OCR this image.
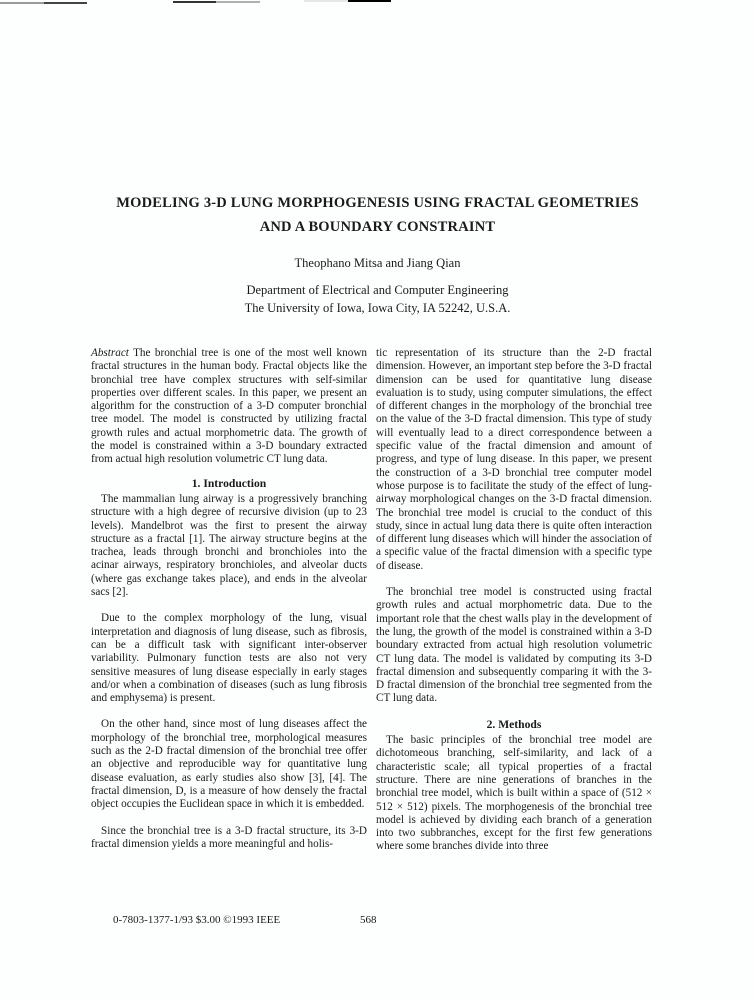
MODELING 3-D LUNG MORPHOGENESIS USING FRACTAL GEOMETRIES
AND A BOUNDARY CONSTRAINT
Theophano Mitsa and Jiang Qian
Department of Electrical and Computer Engineering
The University of Iowa, Iowa City, IA 52242, U.S.A.

Abstract The bronchial tree is one of the most well known fractal structures in the human body. Fractal objects like the bronchial tree have complex structures with self-similar properties over different scales. In this paper, we present an algorithm for the construction of a 3-D computer bronchial tree model. The model is constructed by utilizing fractal growth rules and actual morphometric data. The growth of the model is constrained within a 3-D boundary extracted from actual high resolution volumetric CT lung data.

1. Introduction

The mammalian lung airway is a progressively branching structure with a high degree of recursive division (up to 23 levels). Mandelbrot was the first to present the airway structure as a fractal [1]. The airway structure begins at the trachea, leads through bronchi and bronchioles into the acinar airways, respiratory bronchioles, and alveolar ducts (where gas exchange takes place), and ends in the alveolar sacs [2].

Due to the complex morphology of the lung, visual interpretation and diagnosis of lung disease, such as fibrosis, can be a difficult task with significant inter-observer variability. Pulmonary function tests are also not very sensitive measures of lung disease especially in early stages and/or when a combination of diseases (such as lung fibrosis and emphysema) is present.

On the other hand, since most of lung diseases affect the morphology of the bronchial tree, morphological measures such as the 2-D fractal dimension of the bronchial tree offer an objective and reproducible way for quantitative lung disease evaluation, as early studies also show [3], [4]. The fractal dimension, D, is a measure of how densely the fractal object occupies the Euclidean space in which it is embedded.

Since the bronchial tree is a 3-D fractal structure, its 3-D fractal dimension yields a more meaningful and holis-

tic representation of its structure than the 2-D fractal dimension. However, an important step before the 3-D fractal dimension can be used for quantitative lung disease evaluation is to study, using computer simulations, the effect of different changes in the morphology of the bronchial tree on the value of the 3-D fractal dimension. This type of study will eventually lead to a direct correspondence between a specific value of the fractal dimension and amount of progress, and type of lung disease. In this paper, we present the construction of a 3-D bronchial tree computer model whose purpose is to facilitate the study of the effect of lung-airway morphological changes on the 3-D fractal dimension. The bronchial tree model is crucial to the conduct of this study, since in actual lung data there is quite often interaction of different lung diseases which will hinder the association of a specific value of the fractal dimension with a specific type of disease.

The bronchial tree model is constructed using fractal growth rules and actual morphometric data. Due to the important role that the chest walls play in the development of the lung, the growth of the model is constrained within a 3-D boundary extracted from actual high resolution volumetric CT lung data. The model is validated by computing its 3-D fractal dimension and subsequently comparing it with the 3-D fractal dimension of the bronchial tree segmented from the CT lung data.

2. Methods

The basic principles of the bronchial tree model are dichotomeous branching, self-similarity, and lack of a characteristic scale; all typical properties of a fractal structure. There are nine generations of branches in the bronchial tree model, which is built within a space of (512 × 512 × 512) pixels. The morphogenesis of the bronchial tree model is achieved by dividing each branch of a generation into two subbranches, except for the first few generations where some branches divide into three

0-7803-1377-1/93 $3.00 ©1993 IEEE	568
